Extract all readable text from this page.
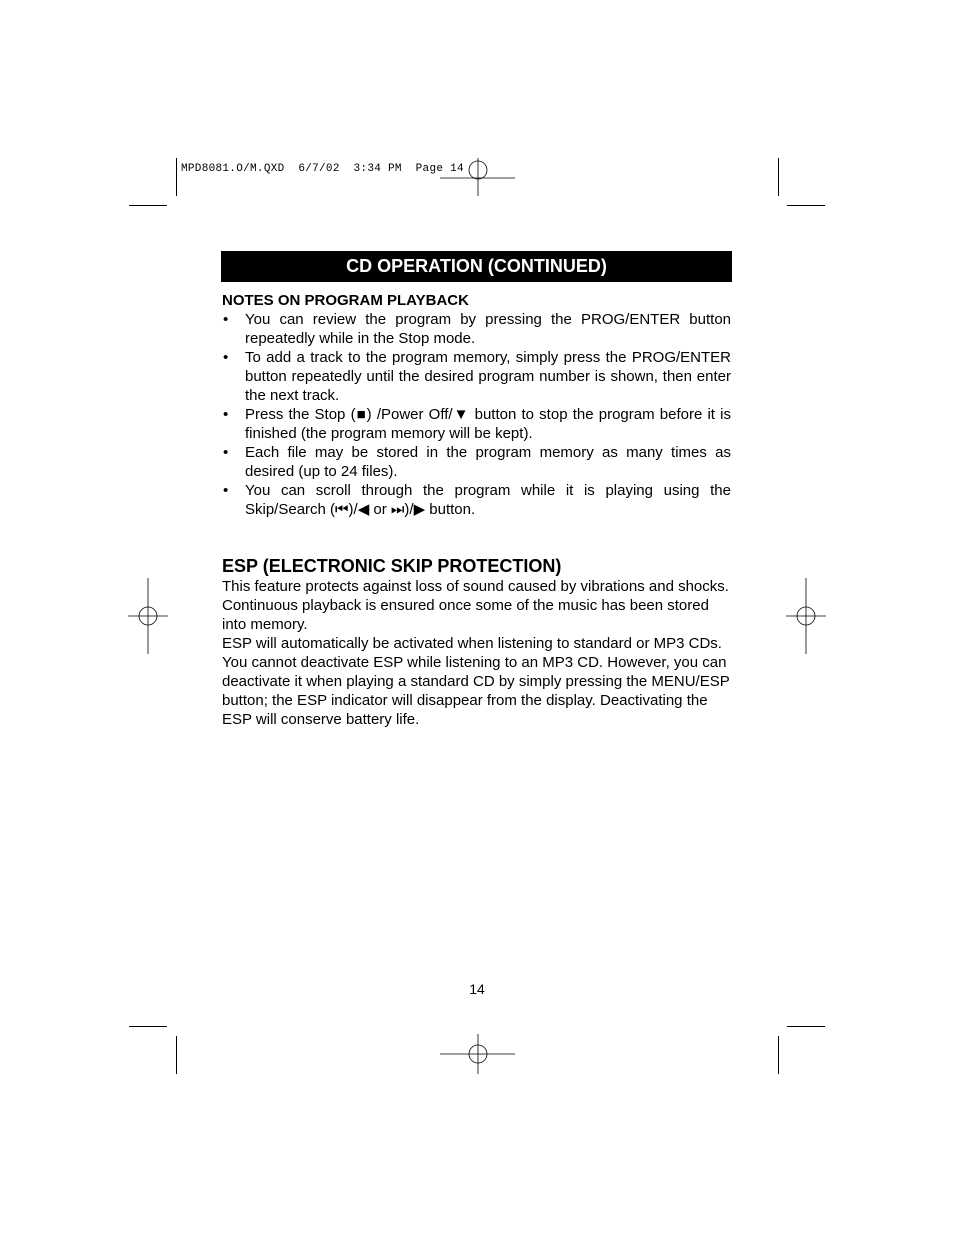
MPD8081.O/M.QXD  6/7/02  3:34 PM  Page 14
CD OPERATION (CONTINUED)

NOTES ON PROGRAM PLAYBACK

• You can review the program by pressing the PROG/ENTER button repeatedly while in the Stop mode.
• To add a track to the program memory, simply press the PROG/ENTER button repeatedly until the desired program number is shown, then enter the next track.
• Press the Stop (■) /Power Off/▼ button to stop the program before it is finished (the program memory will be kept).
• Each file may be stored in the program memory as many times as desired (up to 24 files).
• You can scroll through the program while it is playing using the Skip/Search (⏮)/◀ or ⏭)/▶ button.

ESP (ELECTRONIC SKIP PROTECTION)

This feature protects against loss of sound caused by vibrations and shocks. Continuous playback is ensured once some of the music has been stored into memory.

ESP will automatically be activated when listening to standard or MP3 CDs. You cannot deactivate ESP while listening to an MP3 CD. However, you can deactivate it when playing a standard CD by simply pressing the MENU/ESP button; the ESP indicator will disappear from the display. Deactivating the ESP will conserve battery life.

14
